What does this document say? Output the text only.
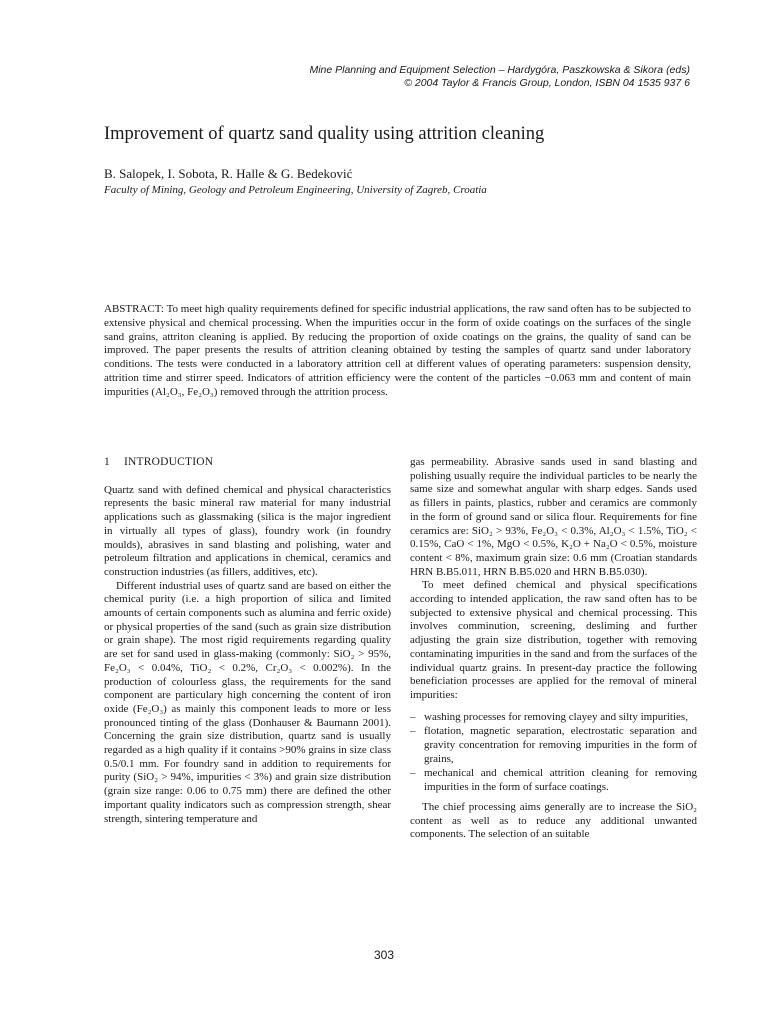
Mine Planning and Equipment Selection – Hardygóra, Paszkowska & Sikora (eds)
© 2004 Taylor & Francis Group, London, ISBN 04 1535 937 6
Improvement of quartz sand quality using attrition cleaning
B. Salopek, I. Sobota, R. Halle & G. Bedeković
Faculty of Mining, Geology and Petroleum Engineering, University of Zagreb, Croatia
ABSTRACT: To meet high quality requirements defined for specific industrial applications, the raw sand often has to be subjected to extensive physical and chemical processing. When the impurities occur in the form of oxide coatings on the surfaces of the single sand grains, attriton cleaning is applied. By reducing the proportion of oxide coatings on the grains, the quality of sand can be improved. The paper presents the results of attrition cleaning obtained by testing the samples of quartz sand under laboratory conditions. The tests were conducted in a laboratory attrition cell at different values of operating parameters: suspension density, attrition time and stirrer speed. Indicators of attrition efficiency were the content of the particles −0.063 mm and content of main impurities (Al₂O₃, Fe₂O₃) removed through the attrition process.
1 INTRODUCTION

Quartz sand with defined chemical and physical characteristics represents the basic mineral raw material for many industrial applications such as glassmaking (silica is the major ingredient in virtually all types of glass), foundry work (in foundry moulds), abrasives in sand blasting and polishing, water and petroleum filtration and applications in chemical, ceramics and construction industries (as fillers, additives, etc).

Different industrial uses of quartz sand are based on either the chemical purity (i.e. a high proportion of silica and limited amounts of certain components such as alumina and ferric oxide) or physical properties of the sand (such as grain size distribution or grain shape). The most rigid requirements regarding quality are set for sand used in glass-making (commonly: SiO₂ > 95%, Fe₂O₃ < 0.04%, TiO₂ < 0.2%, Cr₂O₃ < 0.002%). In the production of colourless glass, the requirements for the sand component are particulary high concerning the content of iron oxide (Fe₂O₃) as mainly this component leads to more or less pronounced tinting of the glass (Donhauser & Baumann 2001). Concerning the grain size distribution, quartz sand is usually regarded as a high quality if it contains >90% grains in size class 0.5/0.1 mm. For foundry sand in addition to requirements for purity (SiO₂ > 94%, impurities < 3%) and grain size distribution (grain size range: 0.06 to 0.75 mm) there are defined the other important quality indicators such as compression strength, shear strength, sintering temperature and

gas permeability. Abrasive sands used in sand blasting and polishing usually require the individual particles to be nearly the same size and somewhat angular with sharp edges. Sands used as fillers in paints, plastics, rubber and ceramics are commonly in the form of ground sand or silica flour. Requirements for fine ceramics are: SiO₂ > 93%, Fe₂O₃ < 0.3%, Al₂O₃ < 1.5%, TiO₂ < 0.15%, CaO < 1%, MgO < 0.5%, K₂O + Na₂O < 0.5%, moisture content < 8%, maximum grain size: 0.6 mm (Croatian standards HRN B.B5.011, HRN B.B5.020 and HRN B.B5.030).

To meet defined chemical and physical specifications according to intended application, the raw sand often has to be subjected to extensive physical and chemical processing. This involves comminution, screening, desliming and further adjusting the grain size distribution, together with removing contaminating impurities in the sand and from the surfaces of the individual quartz grains. In present-day practice the following beneficiation processes are applied for the removal of mineral impurities:

– washing processes for removing clayey and silty impurities,
– flotation, magnetic separation, electrostatic separation and gravity concentration for removing impurities in the form of grains,
– mechanical and chemical attrition cleaning for removing impurities in the form of surface coatings.

The chief processing aims generally are to increase the SiO₂ content as well as to reduce any additional unwanted components. The selection of an suitable

303
